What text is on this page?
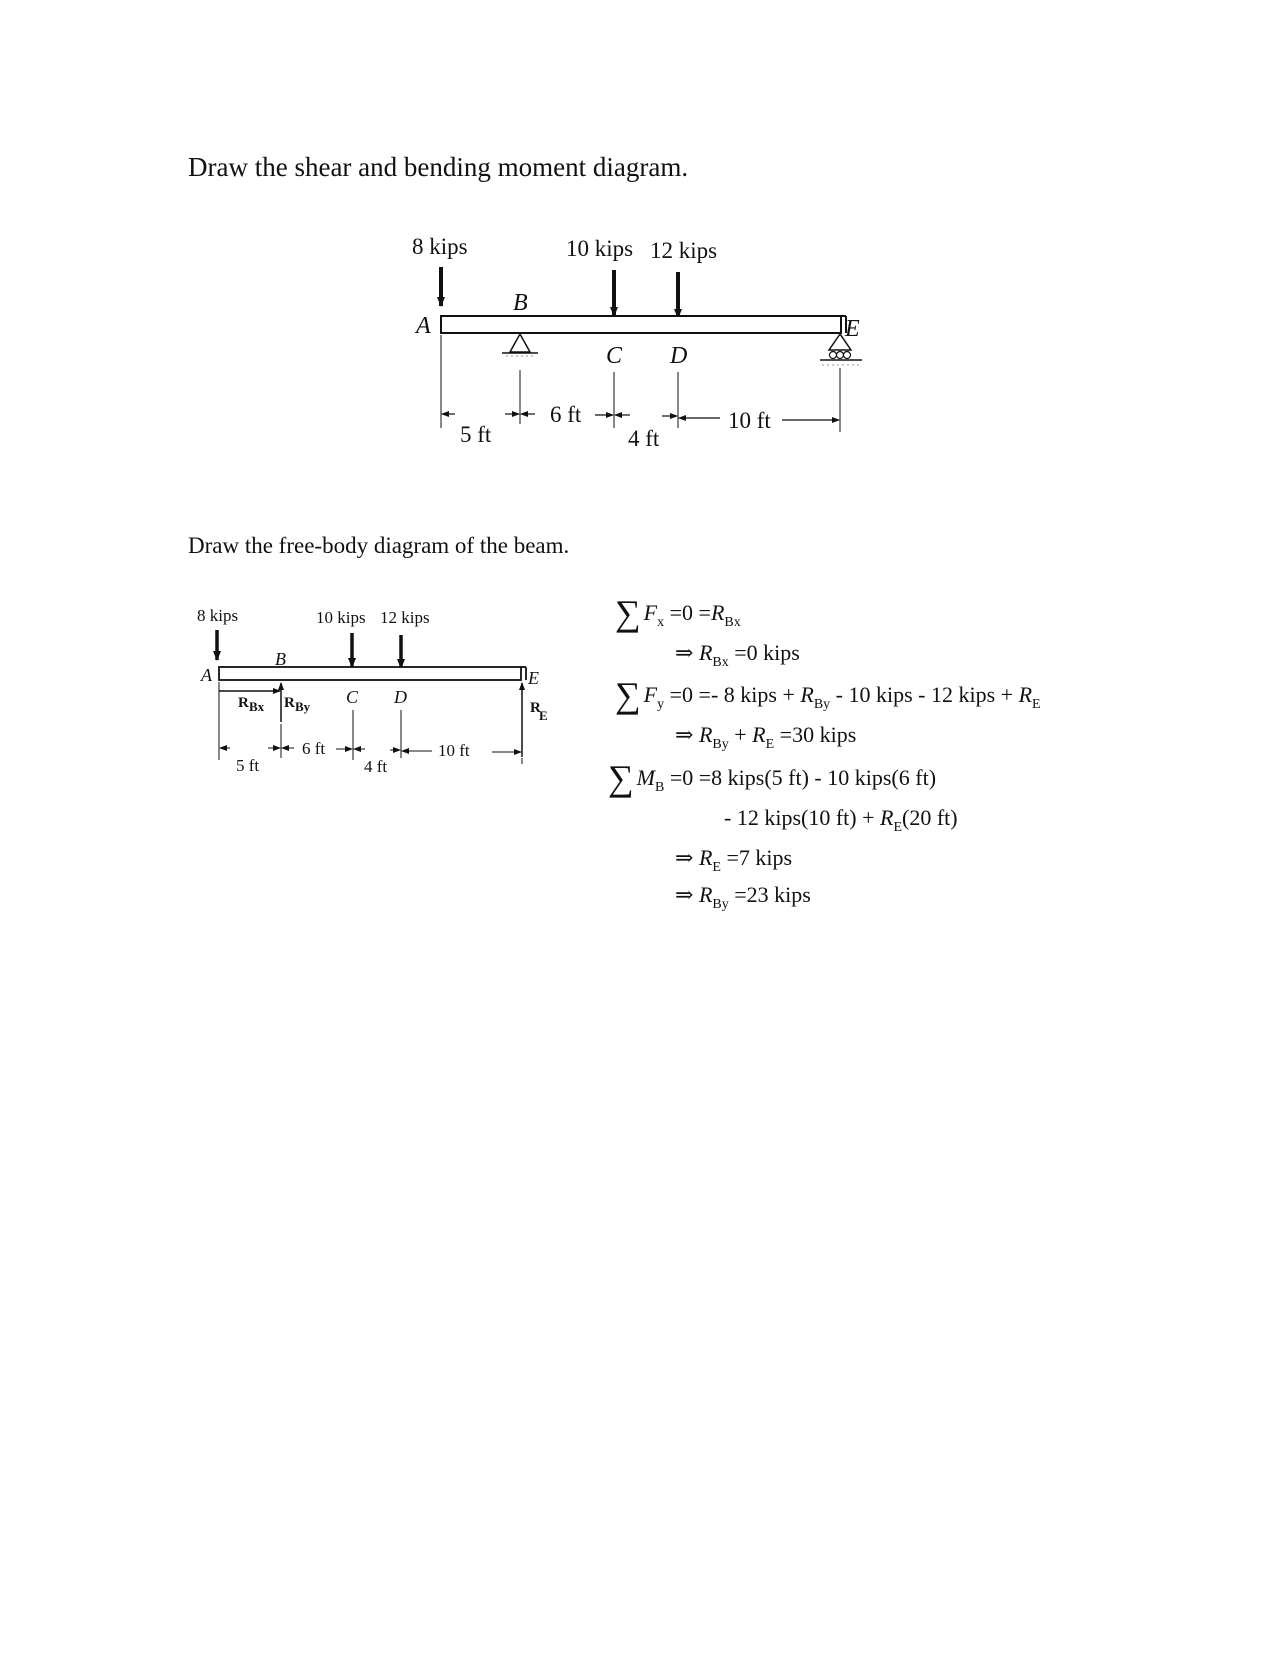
Draw the shear and bending moment diagram.
Draw the free-body diagram of the beam.
8 kips	10 kips 12 kips
A
B
C D
E
5 ft
6 ft
4 ft
10 ft
8 kips	10 kips 12 kips
A
B
C D
E
R Bx R By	R
E
5 ft
6 ft
4 ft
10 ft
∑ $F_x =0 =R_{Bx}$
⇒ $R_{Bx} =0$ kips
∑ $F_y =0 =- 8$ kips + $R_{By} - 10$ kips - 12 kips + $R_E$
⇒ $R_{By} + R_E =30$ kips
∑ $M_B =0 =8$ kips(5 ft) - 10 kips(6 ft)
- 12 kips(10 $ft) + R_E(20$ ft)
⇒ $R_E =7$ kips
⇒ $R_{By} =23$ kips
